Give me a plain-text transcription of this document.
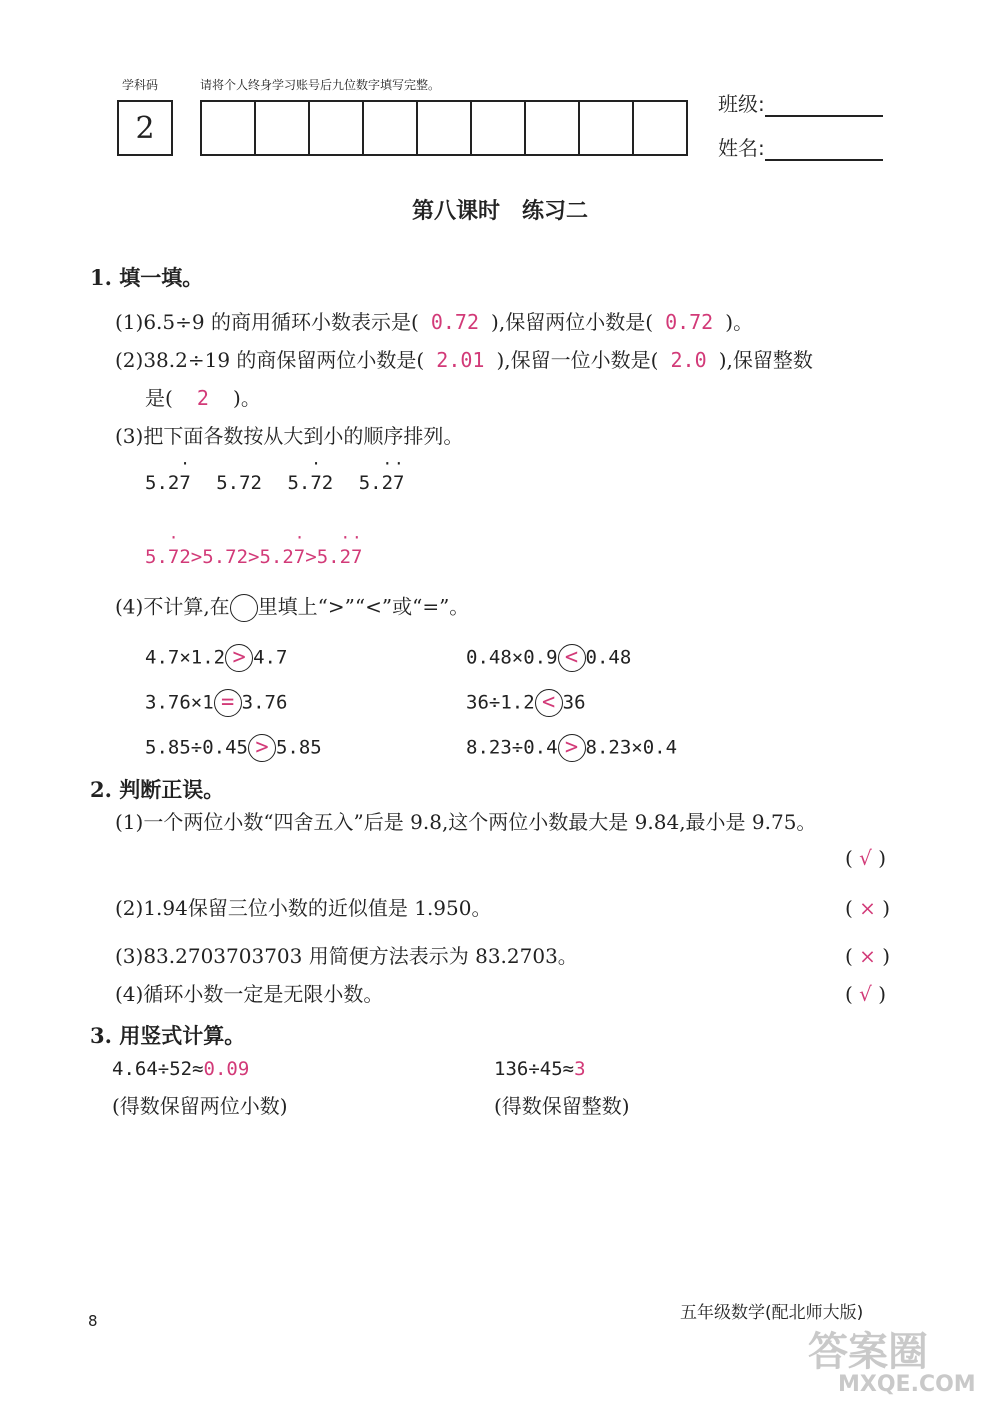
学科码
2
请将个人终身学习账号后九位数字填写完整。
班级:
姓名:
第八课时　练习二
1. 填一填。
(1)6.5÷9 的商用循环小数表示是( 0.72 ),保留两位小数是( 0.72 )。
(2)38.2÷19 的商保留两位小数是( 2.01 ),保留一位小数是( 2.0 ),保留整数
是( 2 )。
(3)把下面各数按从大到小的顺序排列。
5.2· 7 5.72 5.· 72 5.· 2· 7
5.· 72>5.72>5.2· 7>5.· 2· 7
(4)不计算,在 里填上“>”“<”或“=”。
4.7×1.2 > 4.7	0.48×0.9 < 0.48
3.76×1 = 3.76	36÷1.2 < 36
5.85÷0.45 > 5.85	8.23÷0.4 > 8.23×0.4
2. 判断正误。
(1)一个两位小数“四舍五入”后是 9.8,这个两位小数最大是 9.84,最小是 9.75。
( √ )
(2)1.94保留三位小数的近似值是 1.950。	( × )
(3)83.2703703703 用简便方法表示为 83.2703。	( × )
(4)循环小数一定是无限小数。	( √ )
3. 用竖式计算。
4.64÷52≈0.09
(得数保留两位小数)
136÷45≈3
(得数保留整数)
8	五年级数学(配北师大版)
答案圈
MXQE.COM
